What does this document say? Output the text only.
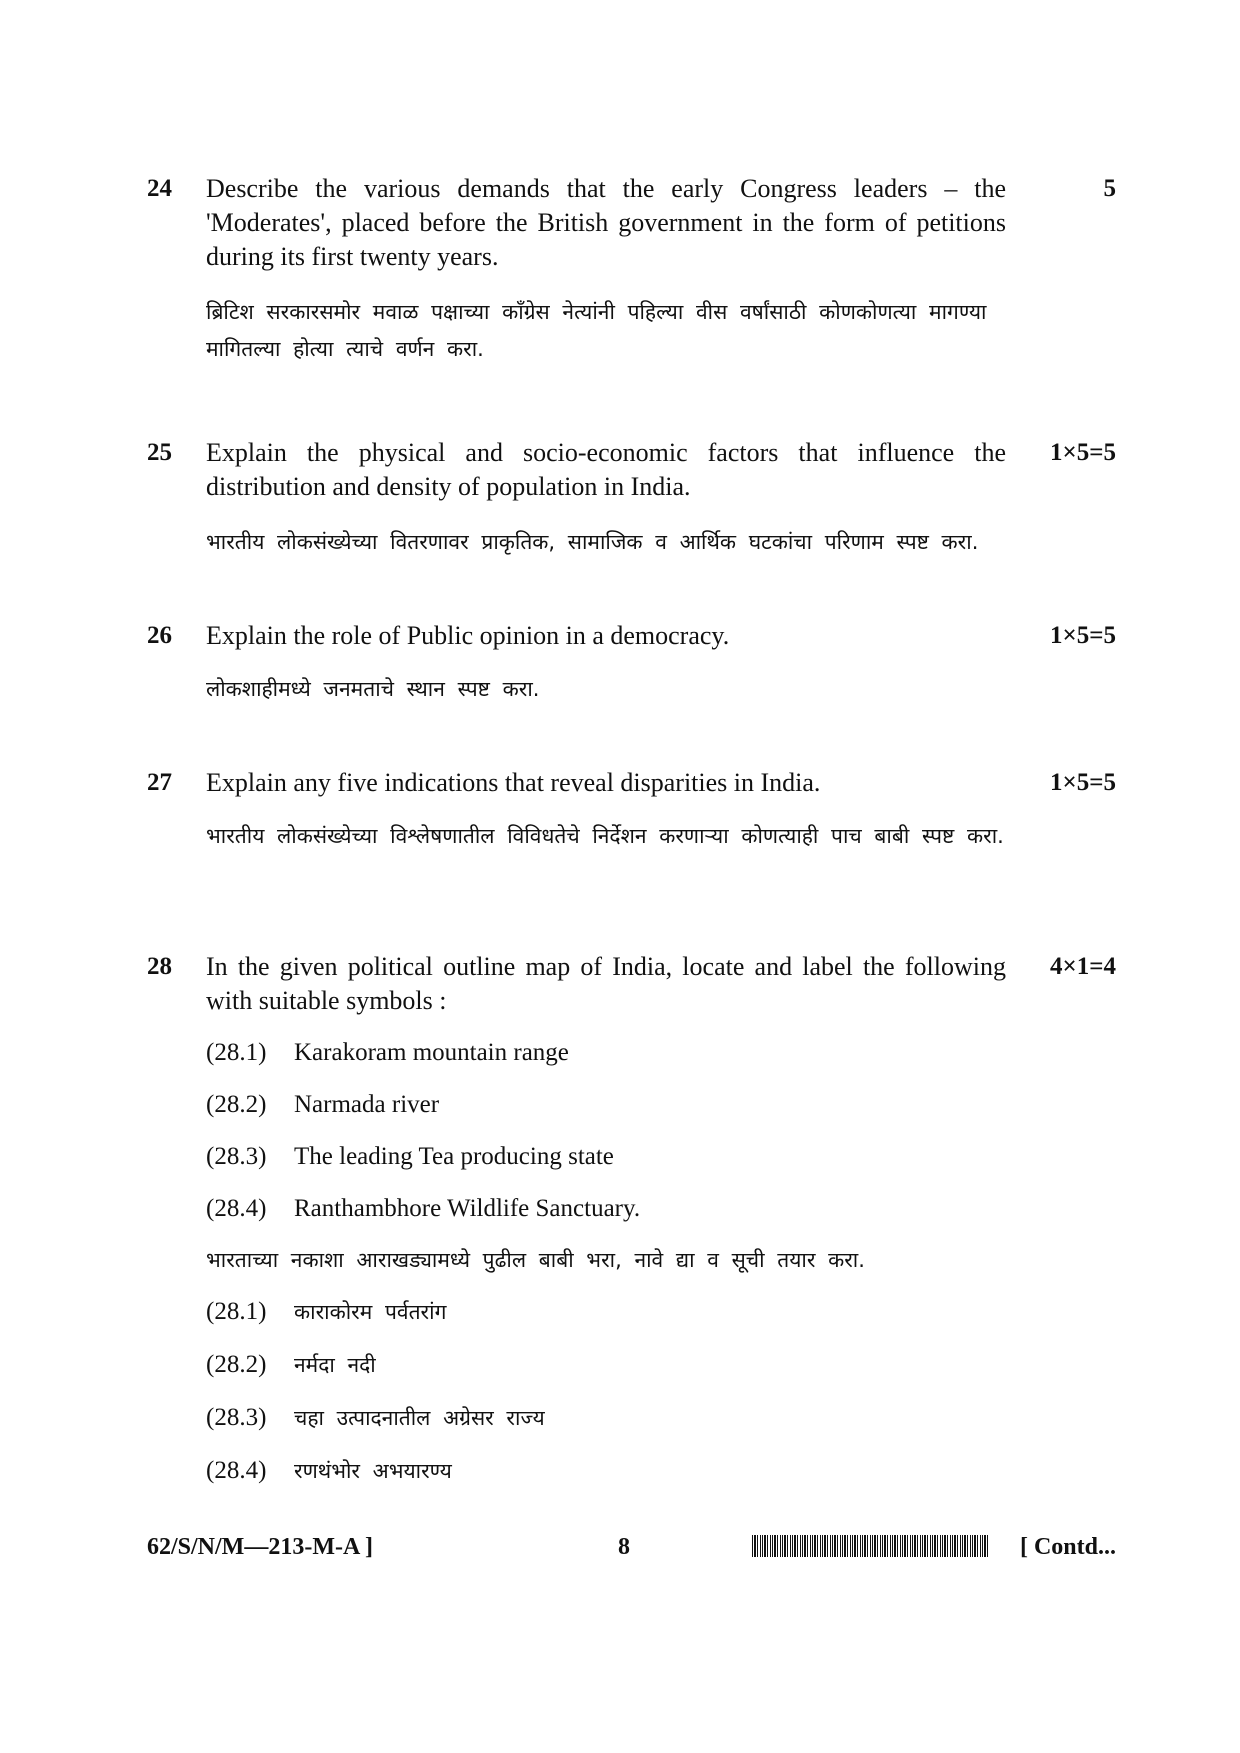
24	5
Describe the various demands that the early Congress leaders – the 'Moderates', placed before the British government in the form of petitions during its first twenty years.
ब्रिटिश सरकारसमोर मवाळ पक्षाच्या कॉंग्रेस नेत्यांनी पहिल्या वीस वर्षांसाठी कोणकोणत्या मागण्या मागितल्या होत्या त्याचे वर्णन करा.
25	1×5=5
Explain the physical and socio-economic factors that influence the distribution and density of population in India.
भारतीय लोकसंख्येच्या वितरणावर प्राकृतिक, सामाजिक व आर्थिक घटकांचा परिणाम स्पष्ट करा.
26	1×5=5
Explain the role of Public opinion in a democracy.
लोकशाहीमध्ये जनमताचे स्थान स्पष्ट करा.
27	1×5=5
Explain any five indications that reveal disparities in India.
भारतीय लोकसंख्येच्या विश्लेषणातील विविधतेचे निर्देशन करणाऱ्या कोणत्याही पाच बाबी स्पष्ट करा.
28	4×1=4
In the given political outline map of India, locate and label the following with suitable symbols :
(28.1) Karakoram mountain range
(28.2) Narmada river
(28.3) The leading Tea producing state
(28.4) Ranthambhore Wildlife Sanctuary.
भारताच्या नकाशा आराखड्यामध्ये पुढील बाबी भरा, नावे द्या व सूची तयार करा.
(28.1) काराकोरम पर्वतरांग
(28.2) नर्मदा नदी
(28.3) चहा उत्पादनातील अग्रेसर राज्य
(28.4) रणथंभोर अभयारण्य
62/S/N/M—213-M-A ]	8	[ Contd...
